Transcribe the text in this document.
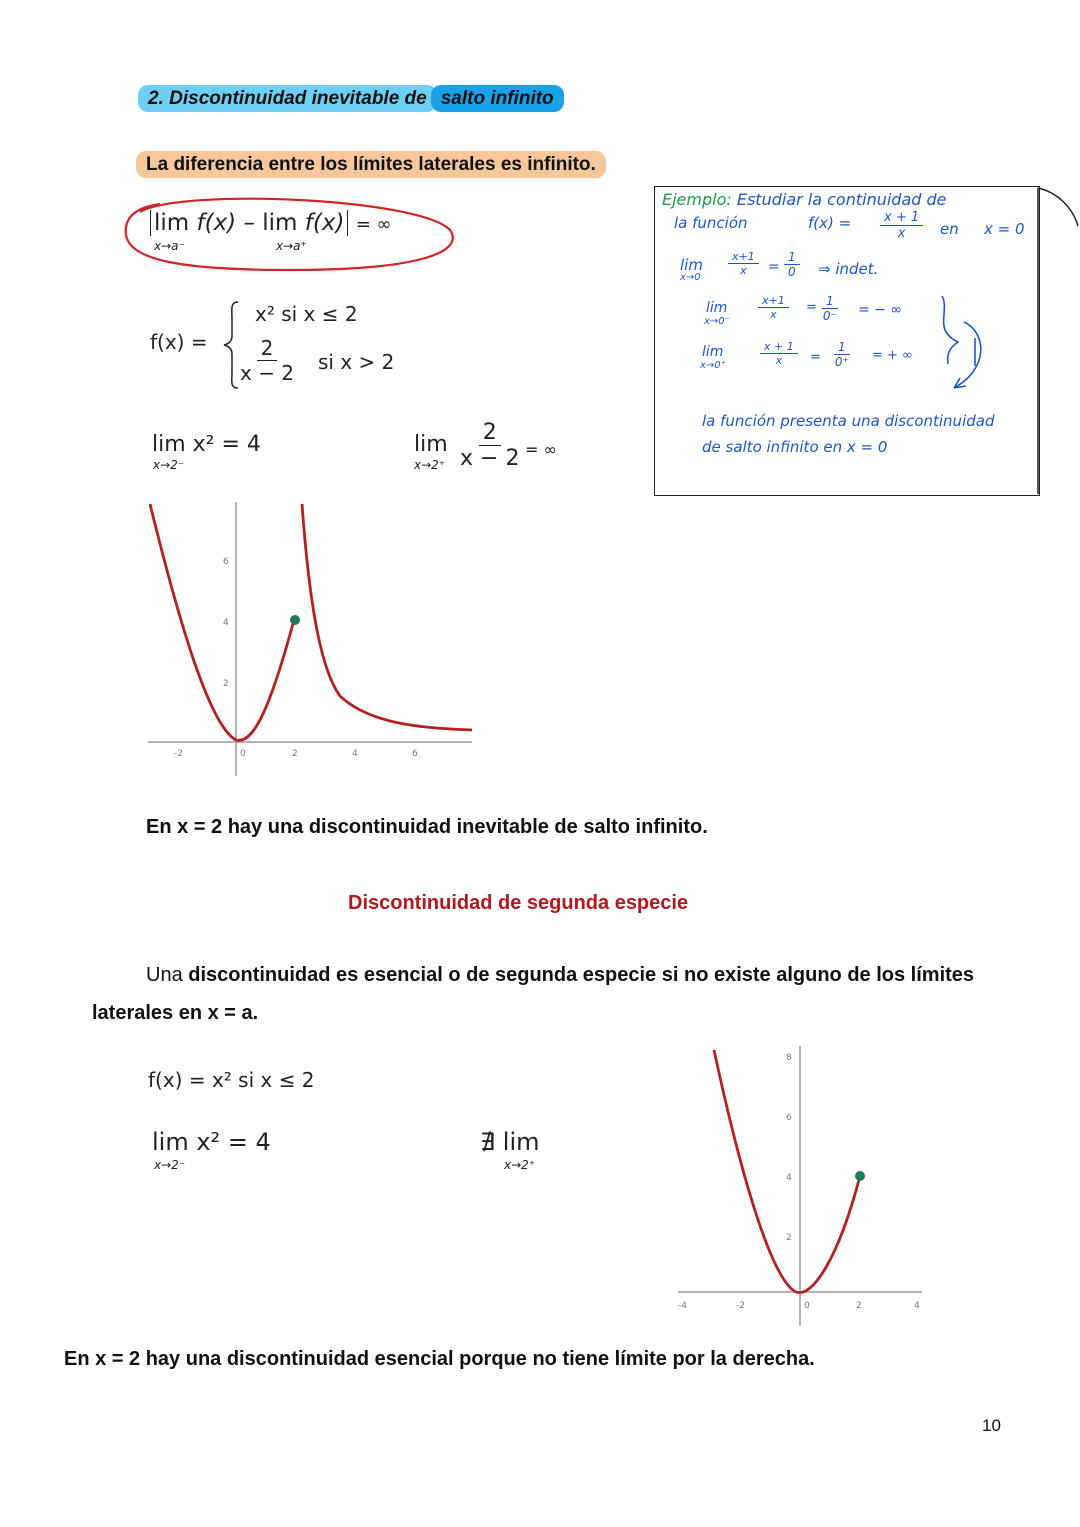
2. Discontinuidad inevitable de salto infinito
La diferencia entre los límites laterales es infinito.
lim f(x) – lim f(x) = ∞
x→a⁻	x→a⁺
f(x) =
x² si x ≤ 2
$\frac{2}{x - 2}$ si x > 2
lim x² = 4
x→2⁻
$\lim \frac{2}{x - 2}$ = ∞
x→2⁺
Ejemplo: Estudiar la continuidad de
la función	$f(x) = \frac{x + 1}{x}$ en x = 0
lim
x→0
$\frac{x+1}{x} = \frac{1}{0}$ ⇒ indet.
lim
x→0⁻
$\frac{x+1}{x} = \frac{1}{0^-}$ = − ∞
lim
x→0⁺	$\frac{x + 1}{x} = \frac{1}{0^+}$ = + ∞
la función presenta una discontinuidad
de salto infinito en x = 0
-2	0	2	4	6
2
4
6
En x = 2 hay una discontinuidad inevitable de salto infinito.
Discontinuidad de segunda especie
Una discontinuidad es esencial o de segunda especie si no existe alguno de los límites laterales en x = a.
f(x) = x² si x ≤ 2
lim x² = 4
x→2⁻
∄ lim
x→2⁺
-4	-2	0	2	4
2
4
6
8
En x = 2 hay una discontinuidad esencial porque no tiene límite por la derecha.
10
